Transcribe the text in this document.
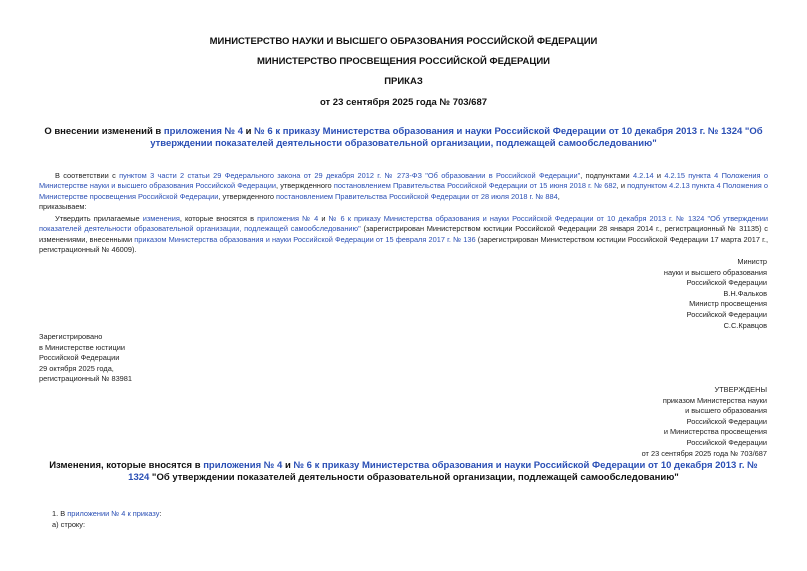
МИНИСТЕРСТВО НАУКИ И ВЫСШЕГО ОБРАЗОВАНИЯ РОССИЙСКОЙ ФЕДЕРАЦИИ
МИНИСТЕРСТВО ПРОСВЕЩЕНИЯ РОССИЙСКОЙ ФЕДЕРАЦИИ
ПРИКАЗ
от 23 сентября 2025 года № 703/687
О внесении изменений в приложения № 4 и № 6 к приказу Министерства образования и науки Российской Федерации от 10 декабря 2013 г. № 1324 "Об утверждении показателей деятельности образовательной организации, подлежащей самообследованию"
В соответствии с пунктом 3 части 2 статьи 29 Федерального закона от 29 декабря 2012 г. № 273-ФЗ "Об образовании в Российской Федерации", подпунктами 4.2.14 и 4.2.15 пункта 4 Положения о Министерстве науки и высшего образования Российской Федерации, утвержденного постановлением Правительства Российской Федерации от 15 июня 2018 г. № 682, и подпунктом 4.2.13 пункта 4 Положения о Министерстве просвещения Российской Федерации, утвержденного постановлением Правительства Российской Федерации от 28 июля 2018 г. № 884,
приказываем:
Утвердить прилагаемые изменения, которые вносятся в приложения № 4 и № 6 к приказу Министерства образования и науки Российской Федерации от 10 декабря 2013 г. № 1324 "Об утверждении показателей деятельности образовательной организации, подлежащей самообследованию" (зарегистрирован Министерством юстиции Российской Федерации 28 января 2014 г., регистрационный № 31135) с изменениями, внесенными приказом Министерства образования и науки Российской Федерации от 15 февраля 2017 г. № 136 (зарегистрирован Министерством юстиции Российской Федерации 17 марта 2017 г., регистрационный № 46009).
Министр
науки и высшего образования
Российской Федерации
В.Н.Фальков
Министр просвещения
Российской Федерации
С.С.Кравцов
Зарегистрировано
в Министерстве юстиции
Российской Федерации
29 октября 2025 года,
регистрационный № 83981
УТВЕРЖДЕНЫ
приказом Министерства науки
и высшего образования
Российской Федерации
и Министерства просвещения
Российской Федерации
от 23 сентября 2025 года № 703/687
Изменения, которые вносятся в приложения № 4 и № 6 к приказу Министерства образования и науки Российской Федерации от 10 декабря 2013 г. № 1324 "Об утверждении показателей деятельности образовательной организации, подлежащей самообследованию"
1. В приложении № 4 к приказу:
а) строку:
